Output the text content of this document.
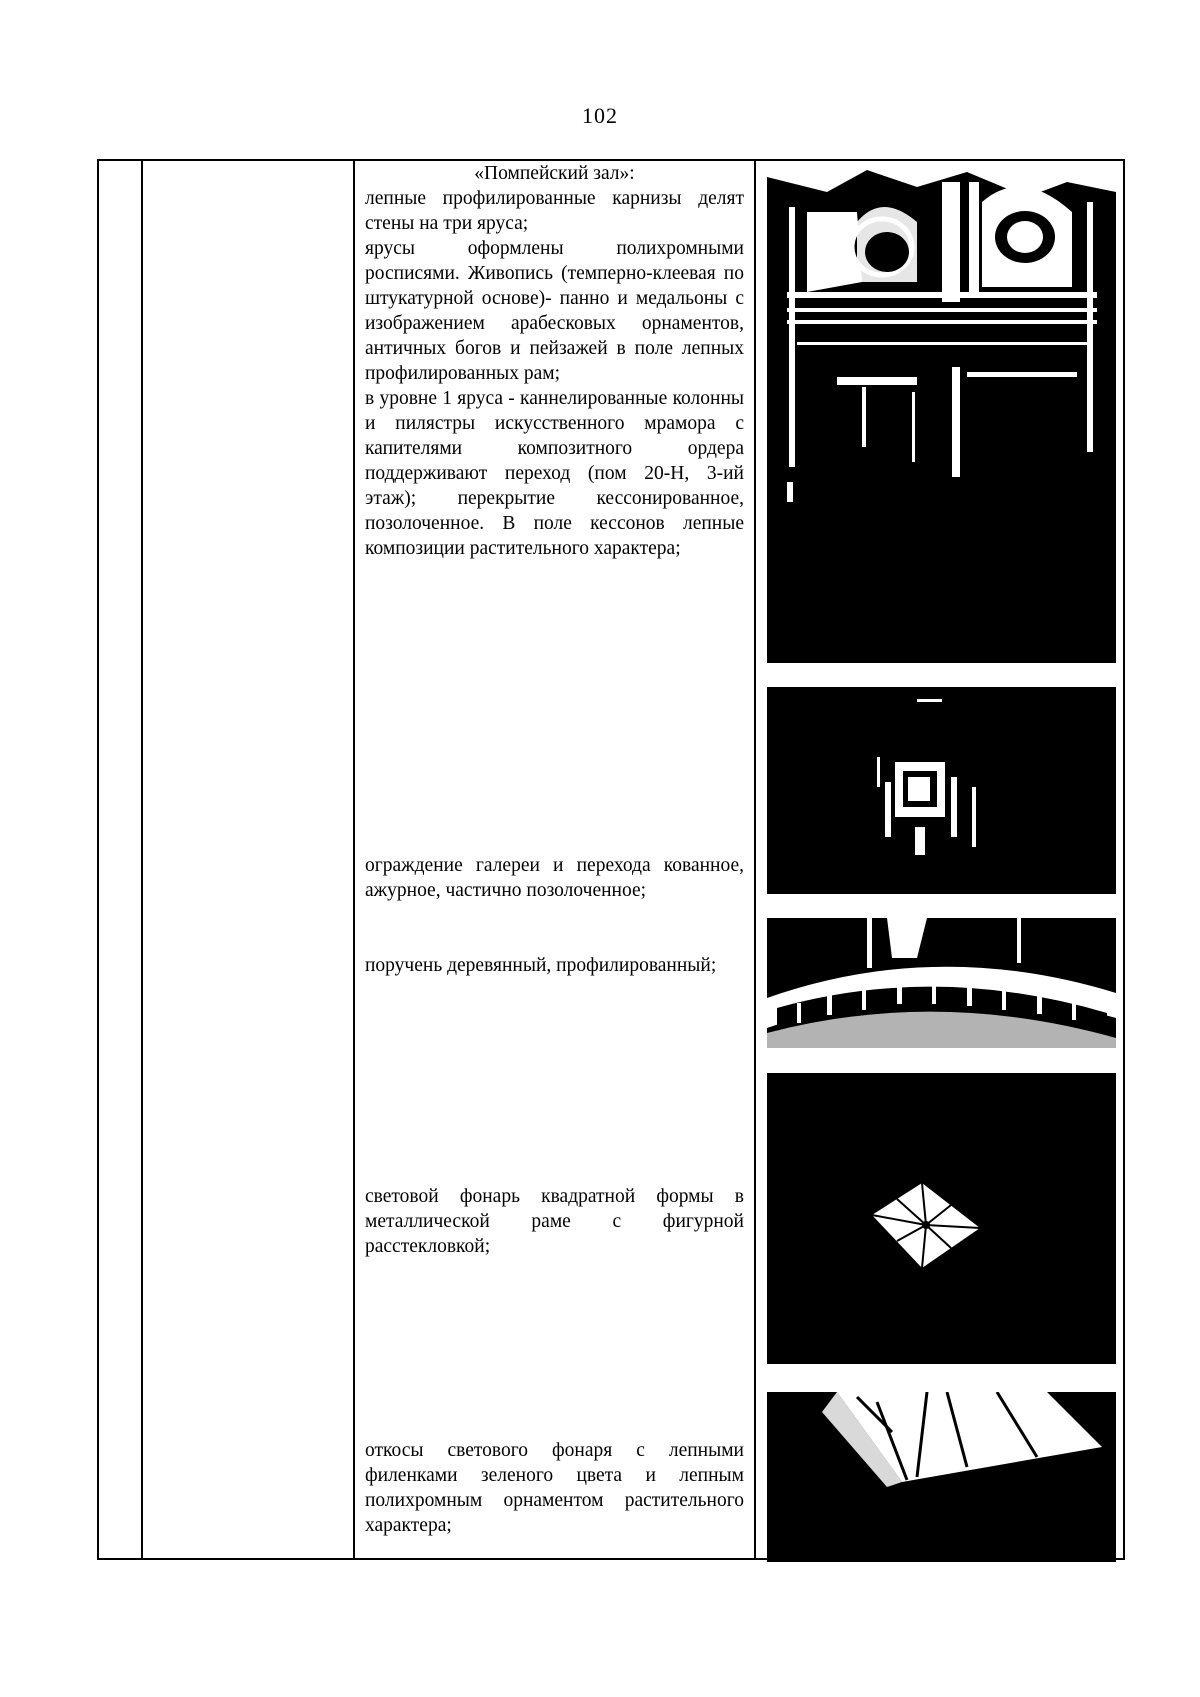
102

«Помпейский зал»:

лепные профилированные карнизы делят стены на три яруса;

ярусы оформлены полихромными росписями. Живопись (темперно-клеевая по штукатурной основе)- панно и медальоны с изображением арабесковых орнаментов, античных богов и пейзажей в поле лепных профилированных рам;

в уровне 1 яруса - каннелированные колонны и пилястры искусственного мрамора с капителями композитного ордера поддерживают переход (пом 20-Н, 3-ий этаж); перекрытие кессонированное, позолоченное. В поле кессонов лепные композиции растительного характера;

ограждение галереи и перехода кованное, ажурное, частично позолоченное;

поручень деревянный, профилированный;

световой фонарь квадратной формы в металлической раме с фигурной расстекловкой;

откосы светового фонаря с лепными филенками зеленого цвета и лепным полихромным орнаментом растительного характера;
